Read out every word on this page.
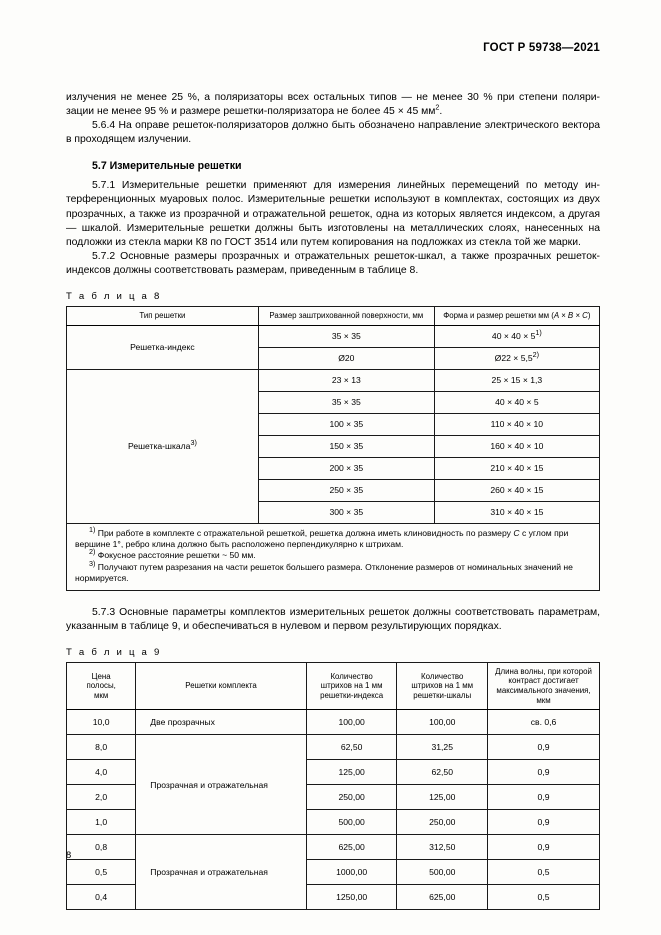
ГОСТ Р 59738—2021

излучения не менее 25 %, а поляризаторы всех остальных типов — не менее 30 % при степени поляри- зации не менее 95 % и размере решетки-поляризатора не более 45 × 45 $мм^2$.

5.6.4 На оправе решеток-поляризаторов должно быть обозначено направление электрического вектора в проходящем излучении.

5.7 Измерительные решетки

5.7.1 Измерительные решетки применяют для измерения линейных перемещений по методу интерференционных муаровых полос. Измерительные решетки используют в комплектах, состоящих из двух прозрачных, а также из прозрачной и отражательной решеток, одна из которых является индексом, а другая — шкалой. Измерительные решетки должны быть изготовлены на металлических слоях, нанесенных на подложки из стекла марки К8 по ГОСТ 3514 или путем копирования на подложках из стекла той же марки.

5.7.2 Основные размеры прозрачных и отражательных решеток-шкал, а также прозрачных решеток-индексов должны соответствовать размерам, приведенным в таблице 8.

Т а б л и ц а 8

Тип решетки	Размер заштрихованной поверхности, мм	Форма и размер решетки мм (A × B × C)
Решетка-индекс	35 × 35	$40 \times 40 \times 5^{1)}$
	Ø20	Ø22 × $5,5^{2)}$
Решетка-шкала$^{3)}$	23 × 13	25 × 15 × 1,3
	35 × 35	40 × 40 × 5
	100 × 35	110 × 40 × 10
	150 × 35	160 × 40 × 10
	200 × 35	210 × 40 × 15
	250 × 35	260 × 40 × 15
	300 × 35	310 × 40 × 15

$^{1)}$ При работе в комплекте с отражательной решеткой, решетка должна иметь клиновидность по размеру C с углом при вершине 1°, ребро клина должно быть расположено перпендикулярно к штрихам.

$^{2)}$ Фокусное расстояние решетки ~ 50 мм.

$^{3)}$ Получают путем разрезания на части решеток большего размера. Отклонение размеров от номинальных значений не нормируется.		

5.7.3 Основные параметры комплектов измерительных решеток должны соответствовать параметрам, указанным в таблице 9, и обеспечиваться в нулевом и первом результирующих порядках.

Т а б л и ц а 9

Цена
полосы,
мкм	Решетки комплекта	Количество
штрихов на 1 мм
решетки-индекса	Количество
штрихов на 1 мм
решетки-шкалы	Длина волны, при которой
контраст достигает
максимального значения,
мкм
10,0	Две прозрачных	100,00	100,00	св. 0,6
8,0	Прозрачная и отражательная	62,50	31,25	0,9
4,0		125,00	62,50	0,9
2,0		250,00	125,00	0,9
1,0		500,00	250,00	0,9
0,8	Прозрачная и отражательная	625,00	312,50	0,9
0,5		1000,00	500,00	0,5
0,4		1250,00	625,00	0,5
8
